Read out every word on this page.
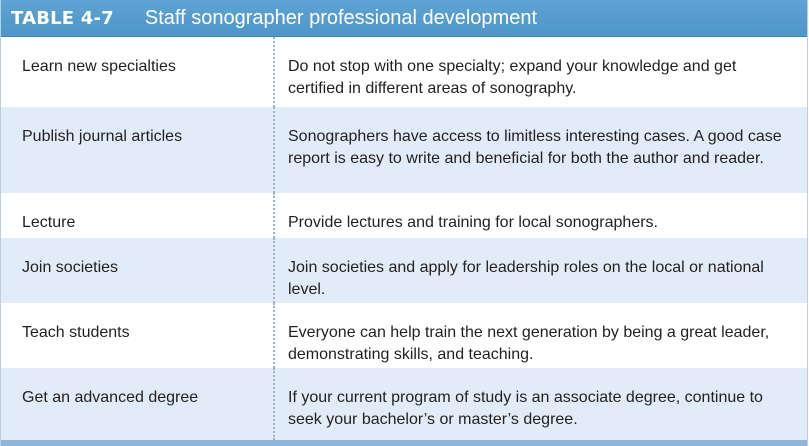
TABLE 4-7 Staff sonographer professional development
Learn new specialties	Do not stop with one specialty; expand your knowledge and get certified in different areas of sonography.
Publish journal articles	Sonographers have access to limitless interesting cases. A good case report is easy to write and beneficial for both the author and reader.
Lecture	Provide lectures and training for local sonographers.
Join societies	Join societies and apply for leadership roles on the local or national level.
Teach students	Everyone can help train the next generation by being a great leader, demonstrating skills, and teaching.
Get an advanced degree	If your current program of study is an associate degree, continue to seek your bachelor’s or master’s degree.
